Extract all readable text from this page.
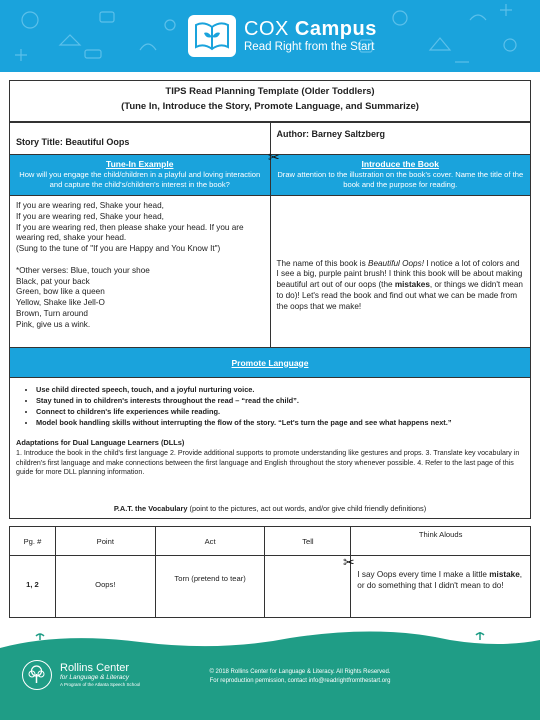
COX Campus
Read Right from the Start
TIPS Read Planning Template (Older Toddlers)
(Tune In, Introduce the Story, Promote Language, and Summarize)
Story Title: Beautiful Oops
Author: Barney Saltzberg
Tune-In Example
How will you engage the child/children in a playful and loving interaction and capture the child's/children's interest in the book?
Introduce the Book
Draw attention to the illustration on the book's cover. Name the title of the book and the purpose for reading.
If you are wearing red, Shake your head,
If you are wearing red, Shake your head,
If you are wearing red, then please shake your head. If you are wearing red, shake your head.
(Sung to the tune of "If you are Happy and You Know It")

*Other verses: Blue, touch your shoe
Black, pat your back
Green, bow like a queen
Yellow, Shake like Jell-O
Brown, Turn around
Pink, give us a wink.
The name of this book is Beautiful Oops! I notice a lot of colors and I see a big, purple paint brush! I think this book will be about making beautiful art out of our oops (the mistakes, or things we didn't mean to do)! Let's read the book and find out what we can be made from the oops that we make!
Promote Language
• Use child directed speech, touch, and a joyful nurturing voice.
• Stay tuned in to children's interests throughout the read – “read the child”.
• Connect to children's life experiences while reading.
• Model book handling skills without interrupting the flow of the story. “Let's turn the page and see what happens next.”
Adaptations for Dual Language Learners (DLLs)
1. Introduce the book in the child's first language 2. Provide additional supports to promote understanding like gestures and props. 3. Translate key vocabulary in children's first language and make connections between the first language and English throughout the story whenever possible. 4. Refer to the last page of this guide for more DLL planning information.
✂
P.A.T. the Vocabulary (point to the pictures, act out words, and/or give child friendly definitions)
Pg. #	Point	Act	Tell	Think Alouds
1, 2	Oops!	Torn (pretend to tear)		I say Oops every time I make a little mistake, or do something that I didn't mean to do!
✂
Rollins Center
for Language & Literacy
A Program of the Atlanta Speech School
© 2018 Rollins Center for Language & Literacy. All Rights Reserved.
For reproduction permission, contact info@readrightfromthestart.org
